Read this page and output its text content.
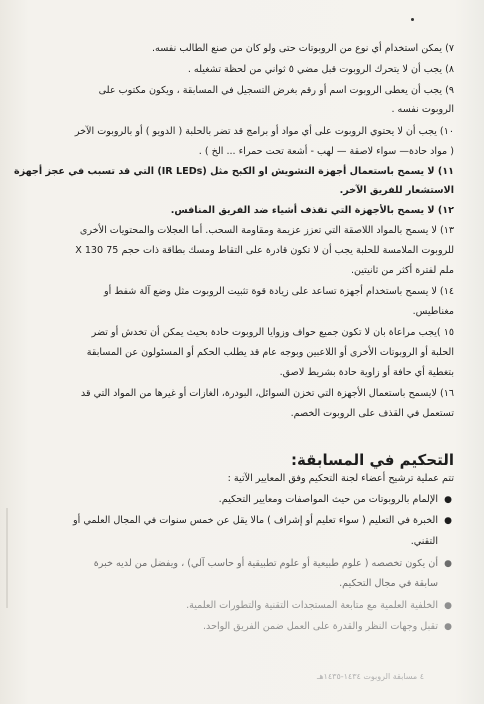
٧) يمكن استخدام أي نوع من الروبوتات حتى ولو كان من صنع الطالب نفسه.
٨) يجب أن لا يتحرك الروبوت قبل مضي ٥ ثواني من لحظة تشغيله .
٩) يجب أن يعطى الروبوت اسم أو رقم بغرض التسجيل في المسابقة ، ويكون مكتوب على
الروبوت نفسه .
١٠) يجب أن لا يحتوي الروبوت على أي مواد أو برامج قد تضر بالحلبة ( الدويو ) أو بالروبوت الآخر
( مواد حادة— سواء لاصقة — لهب - أشعة تحت حمراء ... الخ ) .
١١) لا يسمح باستعمال أجهزة التشويش او الكبح مثل (IR LEDs) التي قد تسبب في عجز أجهزة
الاستشعار للفريق الآخر.
١٢) لا يسمح بالأجهزة التي تقذف أشياء ضد الفريق المنافس.
١٣) لا يسمح بالمواد اللاصقة التي تعزز عزيمة ومقاومة السحب. أما العجلات والمحتويات الأخرى
للروبوت الملامسة للحلبة يجب أن لا تكون قادرة على التقاط ومسك بطاقة ذات حجم 75 X 130
ملم لفترة أكثر من ثانيتين.
١٤) لا يسمح باستخدام أجهزة تساعد على زيادة قوة تثبيت الروبوت مثل وضع آلة شفط أو
مغناطيس.
١٥ )يجب مراعاة بان لا تكون جميع حواف وزوايا الروبوت حادة بحيث يمكن أن تخدش أو تضر
الحلبة أو الروبوتات الأخرى أو اللاعبين وبوجه عام قد يطلب الحكم أو المسئولون عن المسابقة
بتغطية أي حافة أو زاوية حادة بشريط لاصق.
١٦) لايسمح باستعمال الأجهزة التي تخزن السوائل، البودرة، الغازات أو غيرها من المواد التي قد
تستعمل في القذف على الروبوت الخصم.
التحكيم في المسابقة:
تتم عملية ترشيح أعضاء لجنة التحكيم وفق المعايير الآتية :
●
الإلمام بالروبوتات من حيث المواصفات ومعايير التحكيم.
●
الخبرة في التعليم ( سواء تعليم أو إشراف ) مالا يقل عن خمس سنوات في المجال العلمي أو
التقني.
●
أن يكون تخصصه ( علوم طبيعية أو علوم تطبيقية أو حاسب آلي) ، ويفضل من لديه خبرة
سابقة في مجال التحكيم.
●
الخلفية العلمية مع متابعة المستجدات التقنية والتطورات العلمية.
●
تقبل وجهات النظر والقدرة على العمل ضمن الفريق الواحد.
٤ مسابقة الروبوت ١٤٣٤-١٤٣٥هـ
